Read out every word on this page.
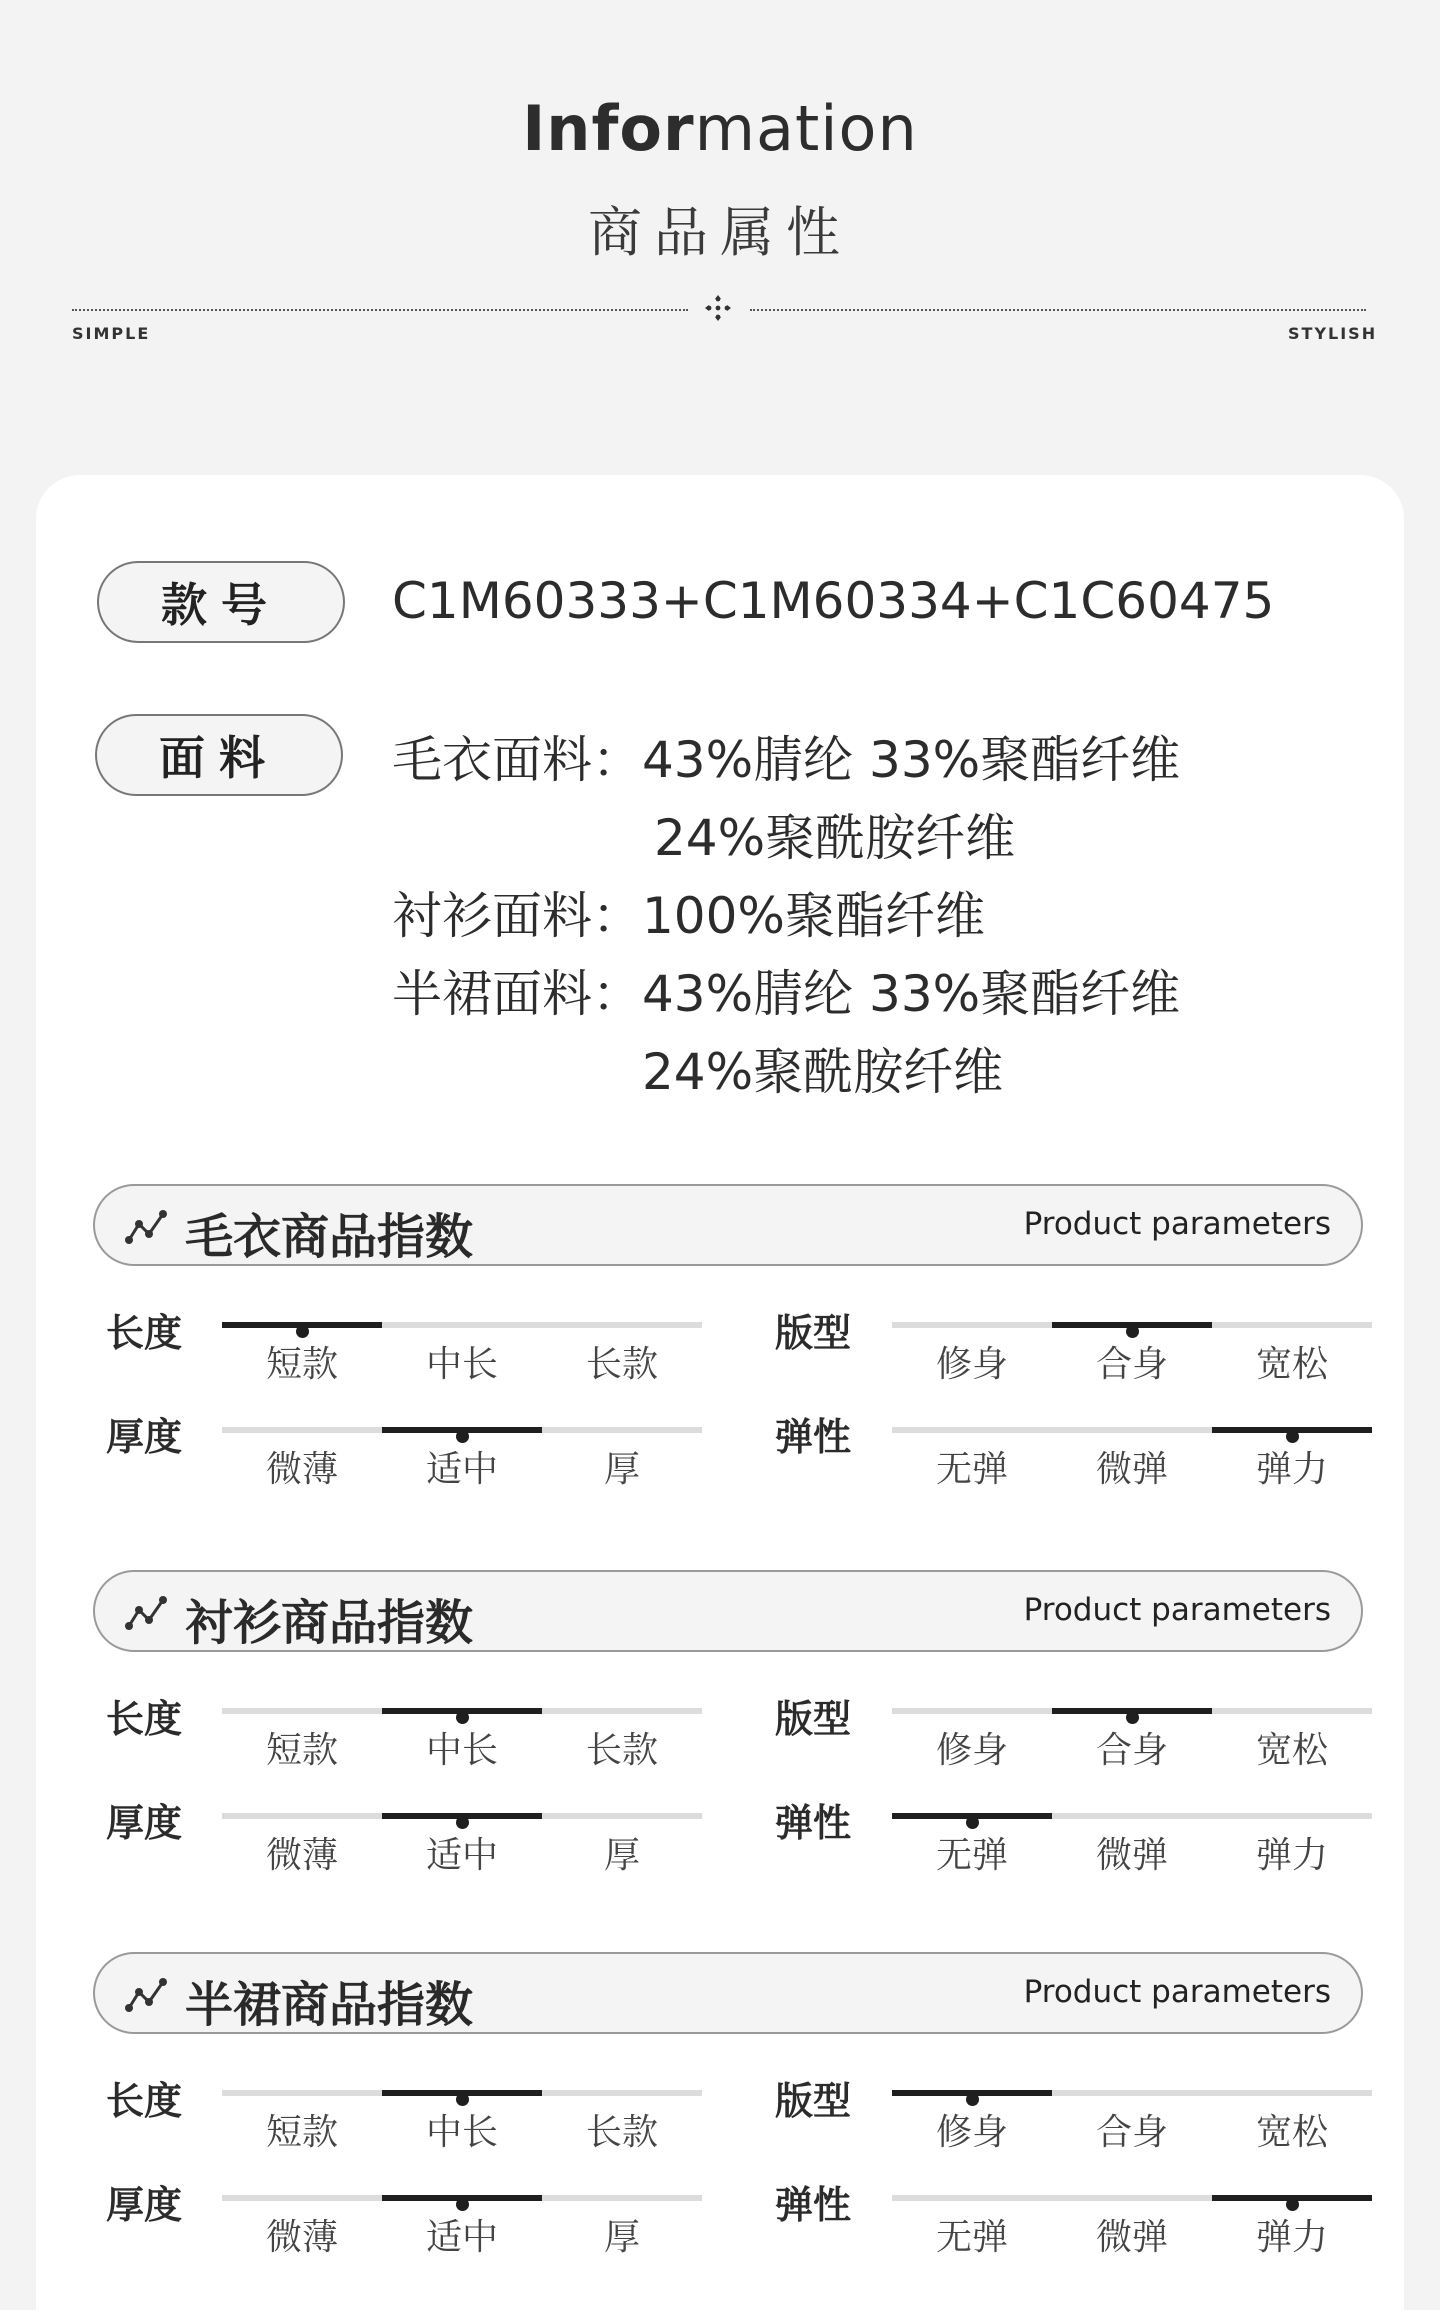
Information
商品属性
SIMPLE	STYLISH
款号	C1M60333+C1M60334+C1C60475
面料	毛衣面料：43%腈纶 33%聚酯纤维
24%聚酰胺纤维
衬衫面料：100%聚酯纤维
半裙面料：43%腈纶 33%聚酯纤维
24%聚酰胺纤维
毛衣商品指数	Product parameters
长度
短款	中长	长款
版型
修身	合身	宽松
厚度
微薄	适中	厚
弹性
无弹	微弹	弹力
衬衫商品指数	Product parameters
长度
短款	中长	长款
版型
修身	合身	宽松
厚度
微薄	适中	厚
弹性
无弹	微弹	弹力
半裙商品指数	Product parameters
长度
短款	中长	长款
版型
修身	合身	宽松
厚度
微薄	适中	厚
弹性
无弹	微弹	弹力
